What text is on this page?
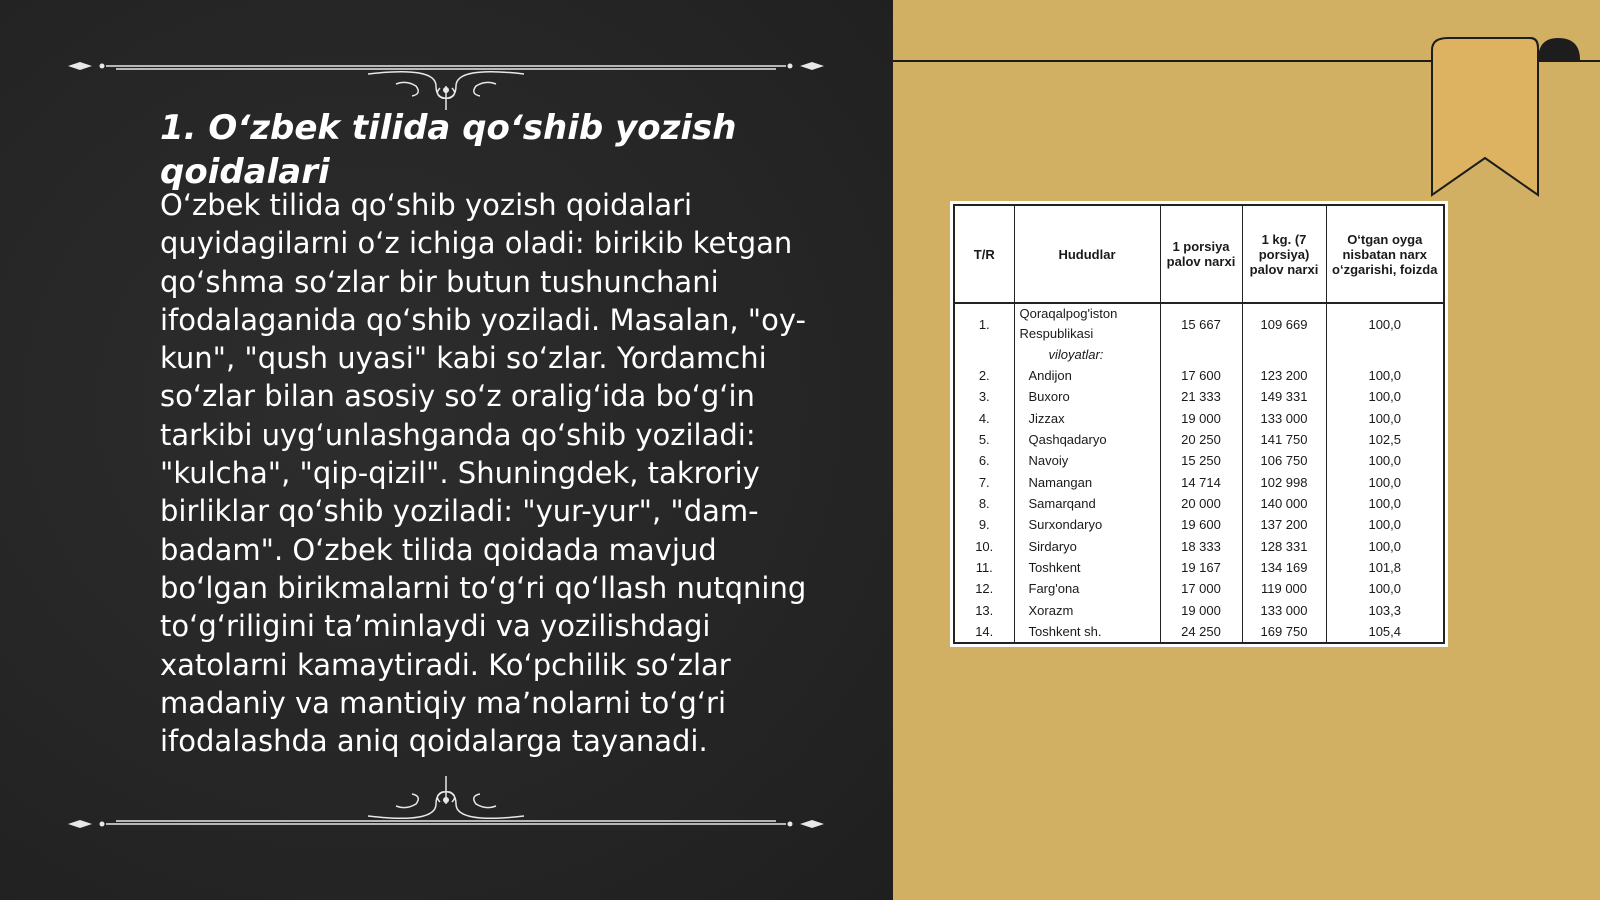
1. O‘zbek tilida qo‘shib yozish qoidalari

O‘zbek tilida qo‘shib yozish qoidalari quyidagilarni o‘z ichiga oladi: birikib ketgan qo‘shma so‘zlar bir butun tushunchani ifodalaganida qo‘shib yoziladi. Masalan, "oy-kun", "qush uyasi" kabi so‘zlar. Yordamchi so‘zlar bilan asosiy so‘z oralig‘ida bo‘g‘in tarkibi uyg‘unlashganda qo‘shib yoziladi: "kulcha", "qip-qizil". Shuningdek, takroriy birliklar qo‘shib yoziladi: "yur-yur", "dam-badam". O‘zbek tilida qoidada mavjud bo‘lgan birikmalarni to‘g‘ri qo‘llash nutqning to‘g‘riligini ta’minlaydi va yozilishdagi xatolarni kamaytiradi. Ko‘pchilik so‘zlar madaniy va mantiqiy ma’nolarni to‘g‘ri ifodalashda aniq qoidalarga tayanadi.

T/R	Hududlar	1 porsiya palov narxi	1 kg. (7 porsiya) palov narxi	O‘tgan oyga nisbatan narx o‘zgarishi, foizda
1.	Qoraqalpog'iston
Respublikasi	15 667	109 669	100,0
	viloyatlar:			
2.	Andijon	17 600	123 200	100,0
3.	Buxoro	21 333	149 331	100,0
4.	Jizzax	19 000	133 000	100,0
5.	Qashqadaryo	20 250	141 750	102,5
6.	Navoiy	15 250	106 750	100,0
7.	Namangan	14 714	102 998	100,0
8.	Samarqand	20 000	140 000	100,0
9.	Surxondaryo	19 600	137 200	100,0
10.	Sirdaryo	18 333	128 331	100,0
11.	Toshkent	19 167	134 169	101,8
12.	Farg'ona	17 000	119 000	100,0
13.	Xorazm	19 000	133 000	103,3
14.	Toshkent sh.	24 250	169 750	105,4
